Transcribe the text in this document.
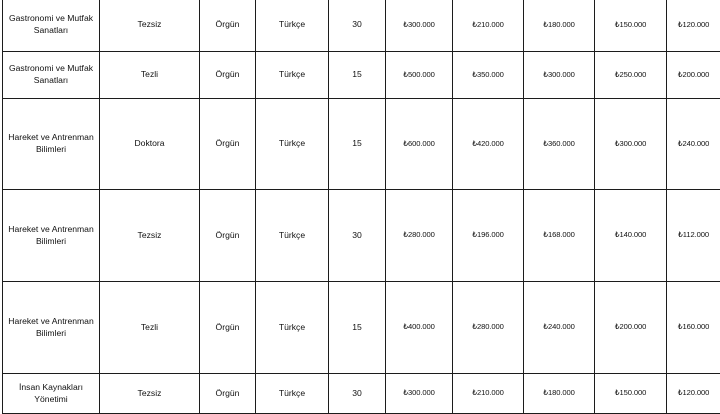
Gastronomi ve Mutfak Sanatları	Tezsiz	Örgün	Türkçe	30	₺300.000	₺210.000	₺180.000	₺150.000	₺120.000
Gastronomi ve Mutfak Sanatları	Tezli	Örgün	Türkçe	15	₺500.000	₺350.000	₺300.000	₺250.000	₺200.000
Hareket ve Antrenman Bilimleri	Doktora	Örgün	Türkçe	15	₺600.000	₺420.000	₺360.000	₺300.000	₺240.000
Hareket ve Antrenman Bilimleri	Tezsiz	Örgün	Türkçe	30	₺280.000	₺196.000	₺168.000	₺140.000	₺112.000
Hareket ve Antrenman Bilimleri	Tezli	Örgün	Türkçe	15	₺400.000	₺280.000	₺240.000	₺200.000	₺160.000
İnsan Kaynakları Yönetimi	Tezsiz	Örgün	Türkçe	30	₺300.000	₺210.000	₺180.000	₺150.000	₺120.000
